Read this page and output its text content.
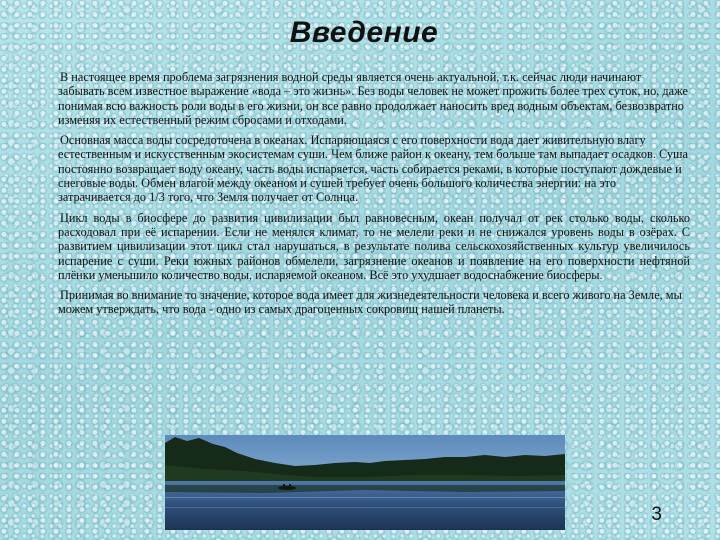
Введение

В настоящее время проблема загрязнения водной среды является очень актуальной, т.к. сейчас люди начинают забывать всем известное выражение «вода – это жизнь». Без воды человек не может прожить более трех суток, но, даже понимая всю важность роли воды в его жизни, он все равно продолжает наносить вред водным объектам, безвозвратно изменяя их естественный режим сбросами и отходами.

Основная масса воды сосредоточена в океанах. Испаряющаяся с его поверхности вода дает живительную влагу естественным и искусственным экосистемам суши. Чем ближе район к океану, тем больше там выпадает осадков. Суша постоянно возвращает воду океану, часть воды испаряется, часть собирается реками, в которые поступают дождевые и снеговые воды. Обмен влагой между океаном и сушей требует очень большого количества энергии: на это затрачивается до 1/3 того, что Земля получает от Солнца.

Цикл воды в биосфере до развития цивилизации был равновесным, океан получал от рек столько воды, сколько расходовал при её испарении. Если не менялся климат, то не мелели реки и не снижался уровень воды в озёрах. С развитием цивилизации этот цикл стал нарушаться, в результате полива сельскохозяйственных культур увеличилось испарение с суши. Реки южных районов обмелели, загрязнение океанов и появление на его поверхности нефтяной плёнки уменьшило количество воды, испаряемой океаном. Всё это ухудшает водоснабжение биосферы.

Принимая во внимание то значение, которое вода имеет для жизнедеятельности человека и всего живого на Земле, мы можем утверждать, что вода - одно из самых драгоценных сокровищ нашей планеты.

3
